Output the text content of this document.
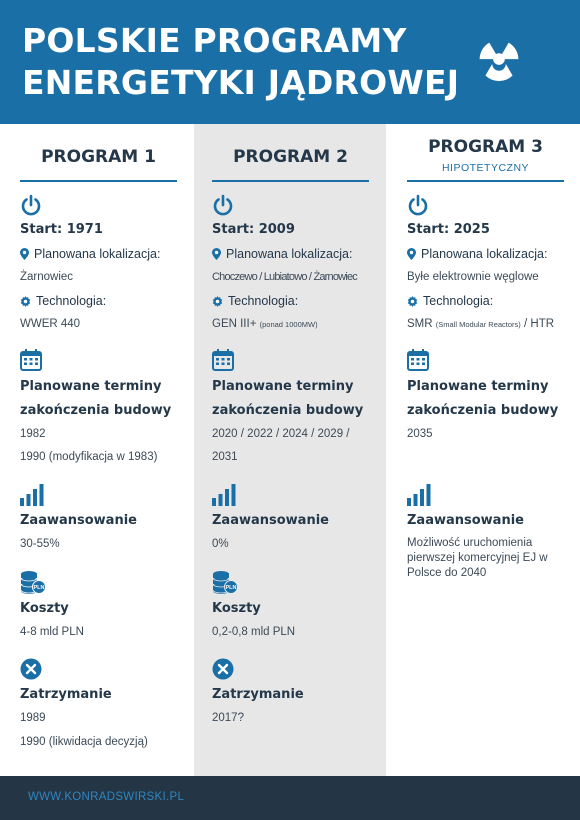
POLSKIE PROGRAMY
ENERGETYKI JĄDROWEJ
PROGRAM 1
Start: 1971
Planowana lokalizacja:
Żarnowiec
Technologia:
WWER 440
Planowane terminy
zakończenia budowy
1982
1990 (modyfikacja w 1983)
Zaawansowanie
30-55%
PLN
Koszty
4-8 mld PLN
Zatrzymanie
1989
1990 (likwidacja decyzją)
PROGRAM 2
Start: 2009
Planowana lokalizacja:
Choczewo / Lubiatowo / Żarnowiec
Technologia:
GEN III+ (ponad 1000MW)
Planowane terminy
zakończenia budowy
2020 / 2022 / 2024 / 2029 /
2031
Zaawansowanie
0%
PLN
Koszty
0,2-0,8 mld PLN
Zatrzymanie
2017?
PROGRAM 3
HIPOTETYCZNY
Start: 2025
Planowana lokalizacja:
Byłe elektrownie węglowe
Technologia:
SMR (Small Modular Reactors) / HTR
Planowane terminy
zakończenia budowy
2035
Zaawansowanie
Możliwość uruchomienia pierwszej komercyjnej EJ w Polsce do 2040
WWW.KONRADSWIRSKI.PL
